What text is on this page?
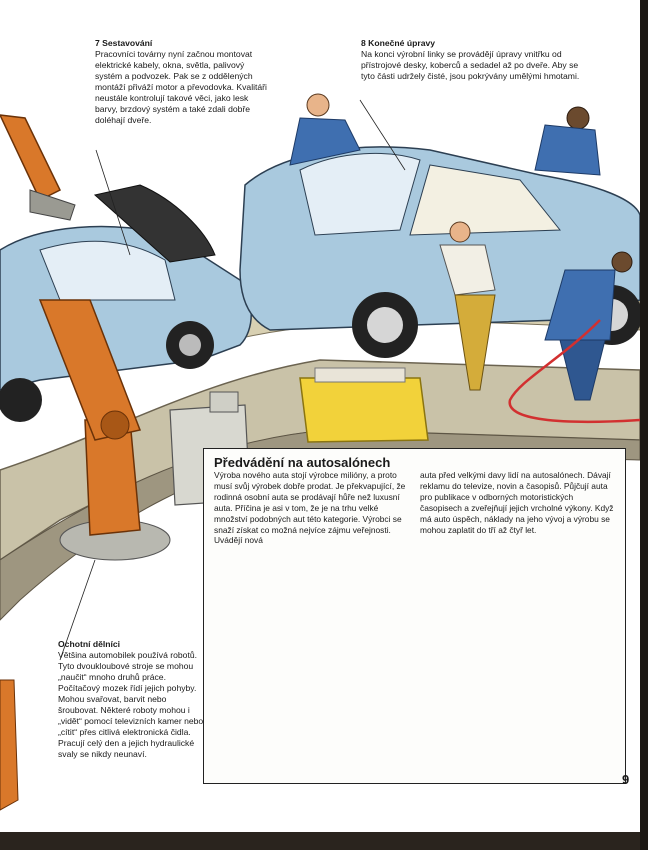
7 Sestavování
Pracovníci továrny nyní začnou montovat elektrické kabely, okna, světla, palivový systém a podvozek. Pak se z oddělených montáží přiváží motor a převodovka. Kvalitáři neustále kontrolují takové věci, jako lesk barvy, brzdový systém a také zdali dobře doléhají dveře.
8 Konečné úpravy
Na konci výrobní linky se provádějí úpravy vnitřku od přístrojové desky, koberců a sedadel až po dveře. Aby se tyto části udržely čisté, jsou pokrývány umělými hmotami.
Ochotní dělníci
Většina automobilek používá robotů. Tyto dvoukloubové stroje se mohou „naučit“ mnoho druhů práce. Počítačový mozek řídí jejich pohyby. Mohou svařovat, barvit nebo šroubovat. Některé roboty mohou i „vidět“ pomocí televizních kamer nebo „cítit“ přes citlivá elektronická čidla. Pracují celý den a jejich hydraulické svaly se nikdy neunaví.
Předvádění na autosalónech
Výroba nového auta stojí výrobce milióny, a proto musí svůj výrobek dobře prodat. Je překvapující, že rodinná osobní auta se prodávají hůře než luxusní auta. Příčina je asi v tom, že je na trhu velké množství podobných aut této kategorie. Výrobci se snaží získat co možná nejvíce zájmu veřejnosti. Uvádějí nová
auta před velkými davy lidí na autosalónech. Dávají reklamu do televize, novin a časopisů. Půjčují auta pro publikace v odborných motoristických časopisech a zveřejňují jejich vrcholné výkony. Když má auto úspěch, náklady na jeho vývoj a výrobu se mohou zaplatit do tří až čtyř let.
9
